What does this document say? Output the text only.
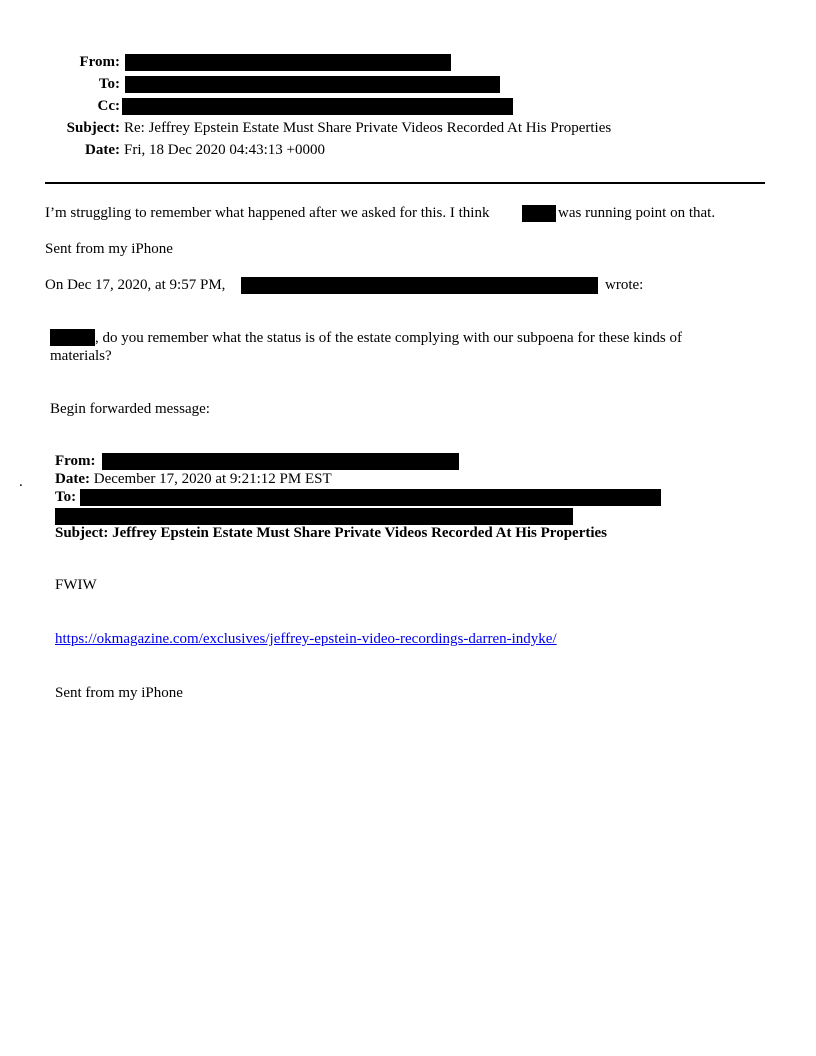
From:
To:
Cc:
Subject: Re: Jeffrey Epstein Estate Must Share Private Videos Recorded At His Properties
Date: Fri, 18 Dec 2020 04:43:13 +0000
I’m struggling to remember what happened after we asked for this. I think	was running point on that.
Sent from my iPhone
On Dec 17, 2020, at 9:57 PM,	wrote:
, do you remember what the status is of the estate complying with our subpoena for these kinds of materials?
Begin forwarded message:
From:
. Date: December 17, 2020 at 9:21:12 PM EST
To:
Subject: Jeffrey Epstein Estate Must Share Private Videos Recorded At His Properties
FWIW
https://okmagazine.com/exclusives/jeffrey-epstein-video-recordings-darren-indyke/
Sent from my iPhone
